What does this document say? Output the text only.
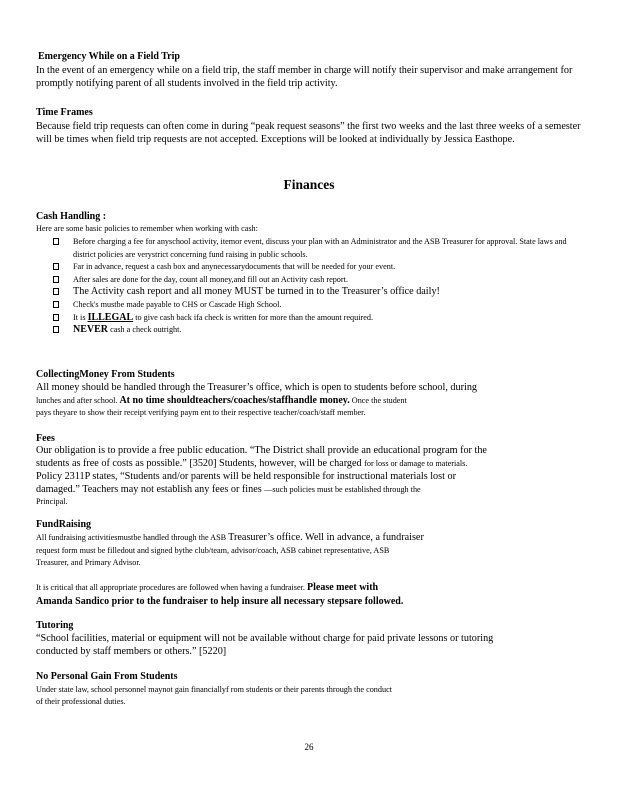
Emergency While on a Field Trip
In the event of an emergency while on a field trip, the staff member in charge will notify their supervisor and make arrangement for promptly notifying parent of all students involved in the field trip activity.
Time Frames
Because field trip requests can often come in during “peak request seasons” the first two weeks and the last three weeks of a semester will be times when field trip requests are not accepted. Exceptions will be looked at individually by Jessica Easthope.
Finances
Cash Handling :
Here are some basic policies to remember when working with cash:
Before charging a fee for anyschool activity, itemor event, discuss your plan with an Administrator and the ASB Treasurer for approval. State laws and district policies are verystrict concerning fund raising in public schools.
Far in advance, request a cash box and anynecessarydocuments that will be needed for your event.
After sales are done for the day, count all money,and fill out an Activity cash report.
The Activity cash report and all money MUST be turned in to the Treasurer’s office daily!
Check's mustbe made payable to CHS or Cascade High School.
It is ILLEGAL to give cash back ifa check is written for more than the amount required.
NEVER cash a check outright.
CollectingMoney From Students
All money should be handled through the Treasurer’s office, which is open to students before school, during
lunches and after school. At no time shouldteachers/coaches/staffhandle money. Once the student
pays theyare to show their receipt verifying paym ent to their respective teacher/coach/staff member.
Fees
Our obligation is to provide a free public education. “The District shall provide an educational program for the
students as free of costs as possible.” [3520] Students, however, will be charged for loss or damage to materials.
Policy 2311P states, “Students and/or parents will be held responsible for instructional materials lost or
damaged.” Teachers may not establish any fees or fines —such policies must be established through the
Principal.
FundRaising
All fundraising activitiesmustbe handled through the ASB Treasurer’s office. Well in advance, a fundraiser
request form must be filledout and signed bythe club/team, advisor/coach, ASB cabinet representative, ASB
Treasurer, and Primary Advisor.
It is critical that all appropriate procedures are followed when having a fundraiser. Please meet with
Amanda Sandico prior to the fundraiser to help insure all necessary stepsare followed.
Tutoring
“School facilities, material or equipment will not be available without charge for paid private lessons or tutoring conducted by staff members or others.” [5220]
No Personal Gain From Students
Under state law, school personnel maynot gain financiallyf rom students or their parents through the conduct
of their professional duties.
26
